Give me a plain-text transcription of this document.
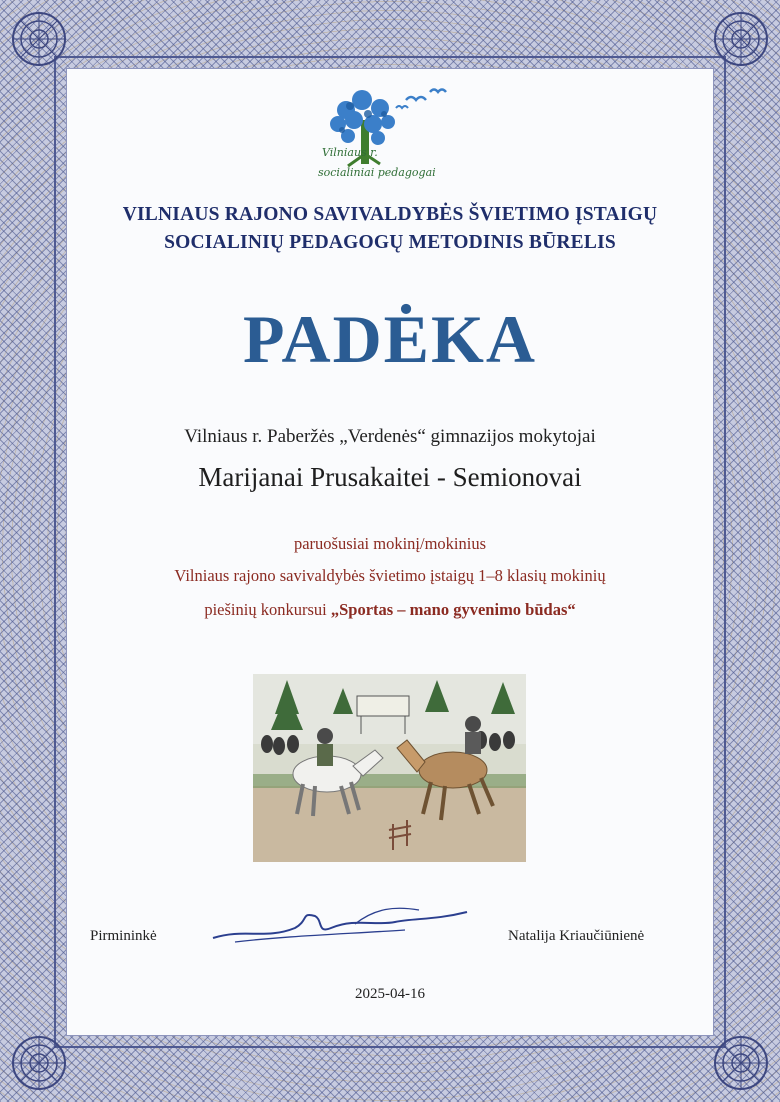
Vilniaus r.
socialiniai pedagogai
VILNIAUS RAJONO SAVIVALDYBĖS ŠVIETIMO ĮSTAIGŲ
SOCIALINIŲ PEDAGOGŲ METODINIS BŪRELIS
PADĖKA
Vilniaus r. Paberžės „Verdenės“ gimnazijos mokytojai
Marijanai Prusakaitei - Semionovai
paruošusiai mokinį/mokinius
Vilniaus rajono savivaldybės švietimo įstaigų 1–8 klasių mokinių
piešinių konkursui „Sportas – mano gyvenimo būdas“
Pirmininkė	Natalija Kriaučiūnienė
2025-04-16
